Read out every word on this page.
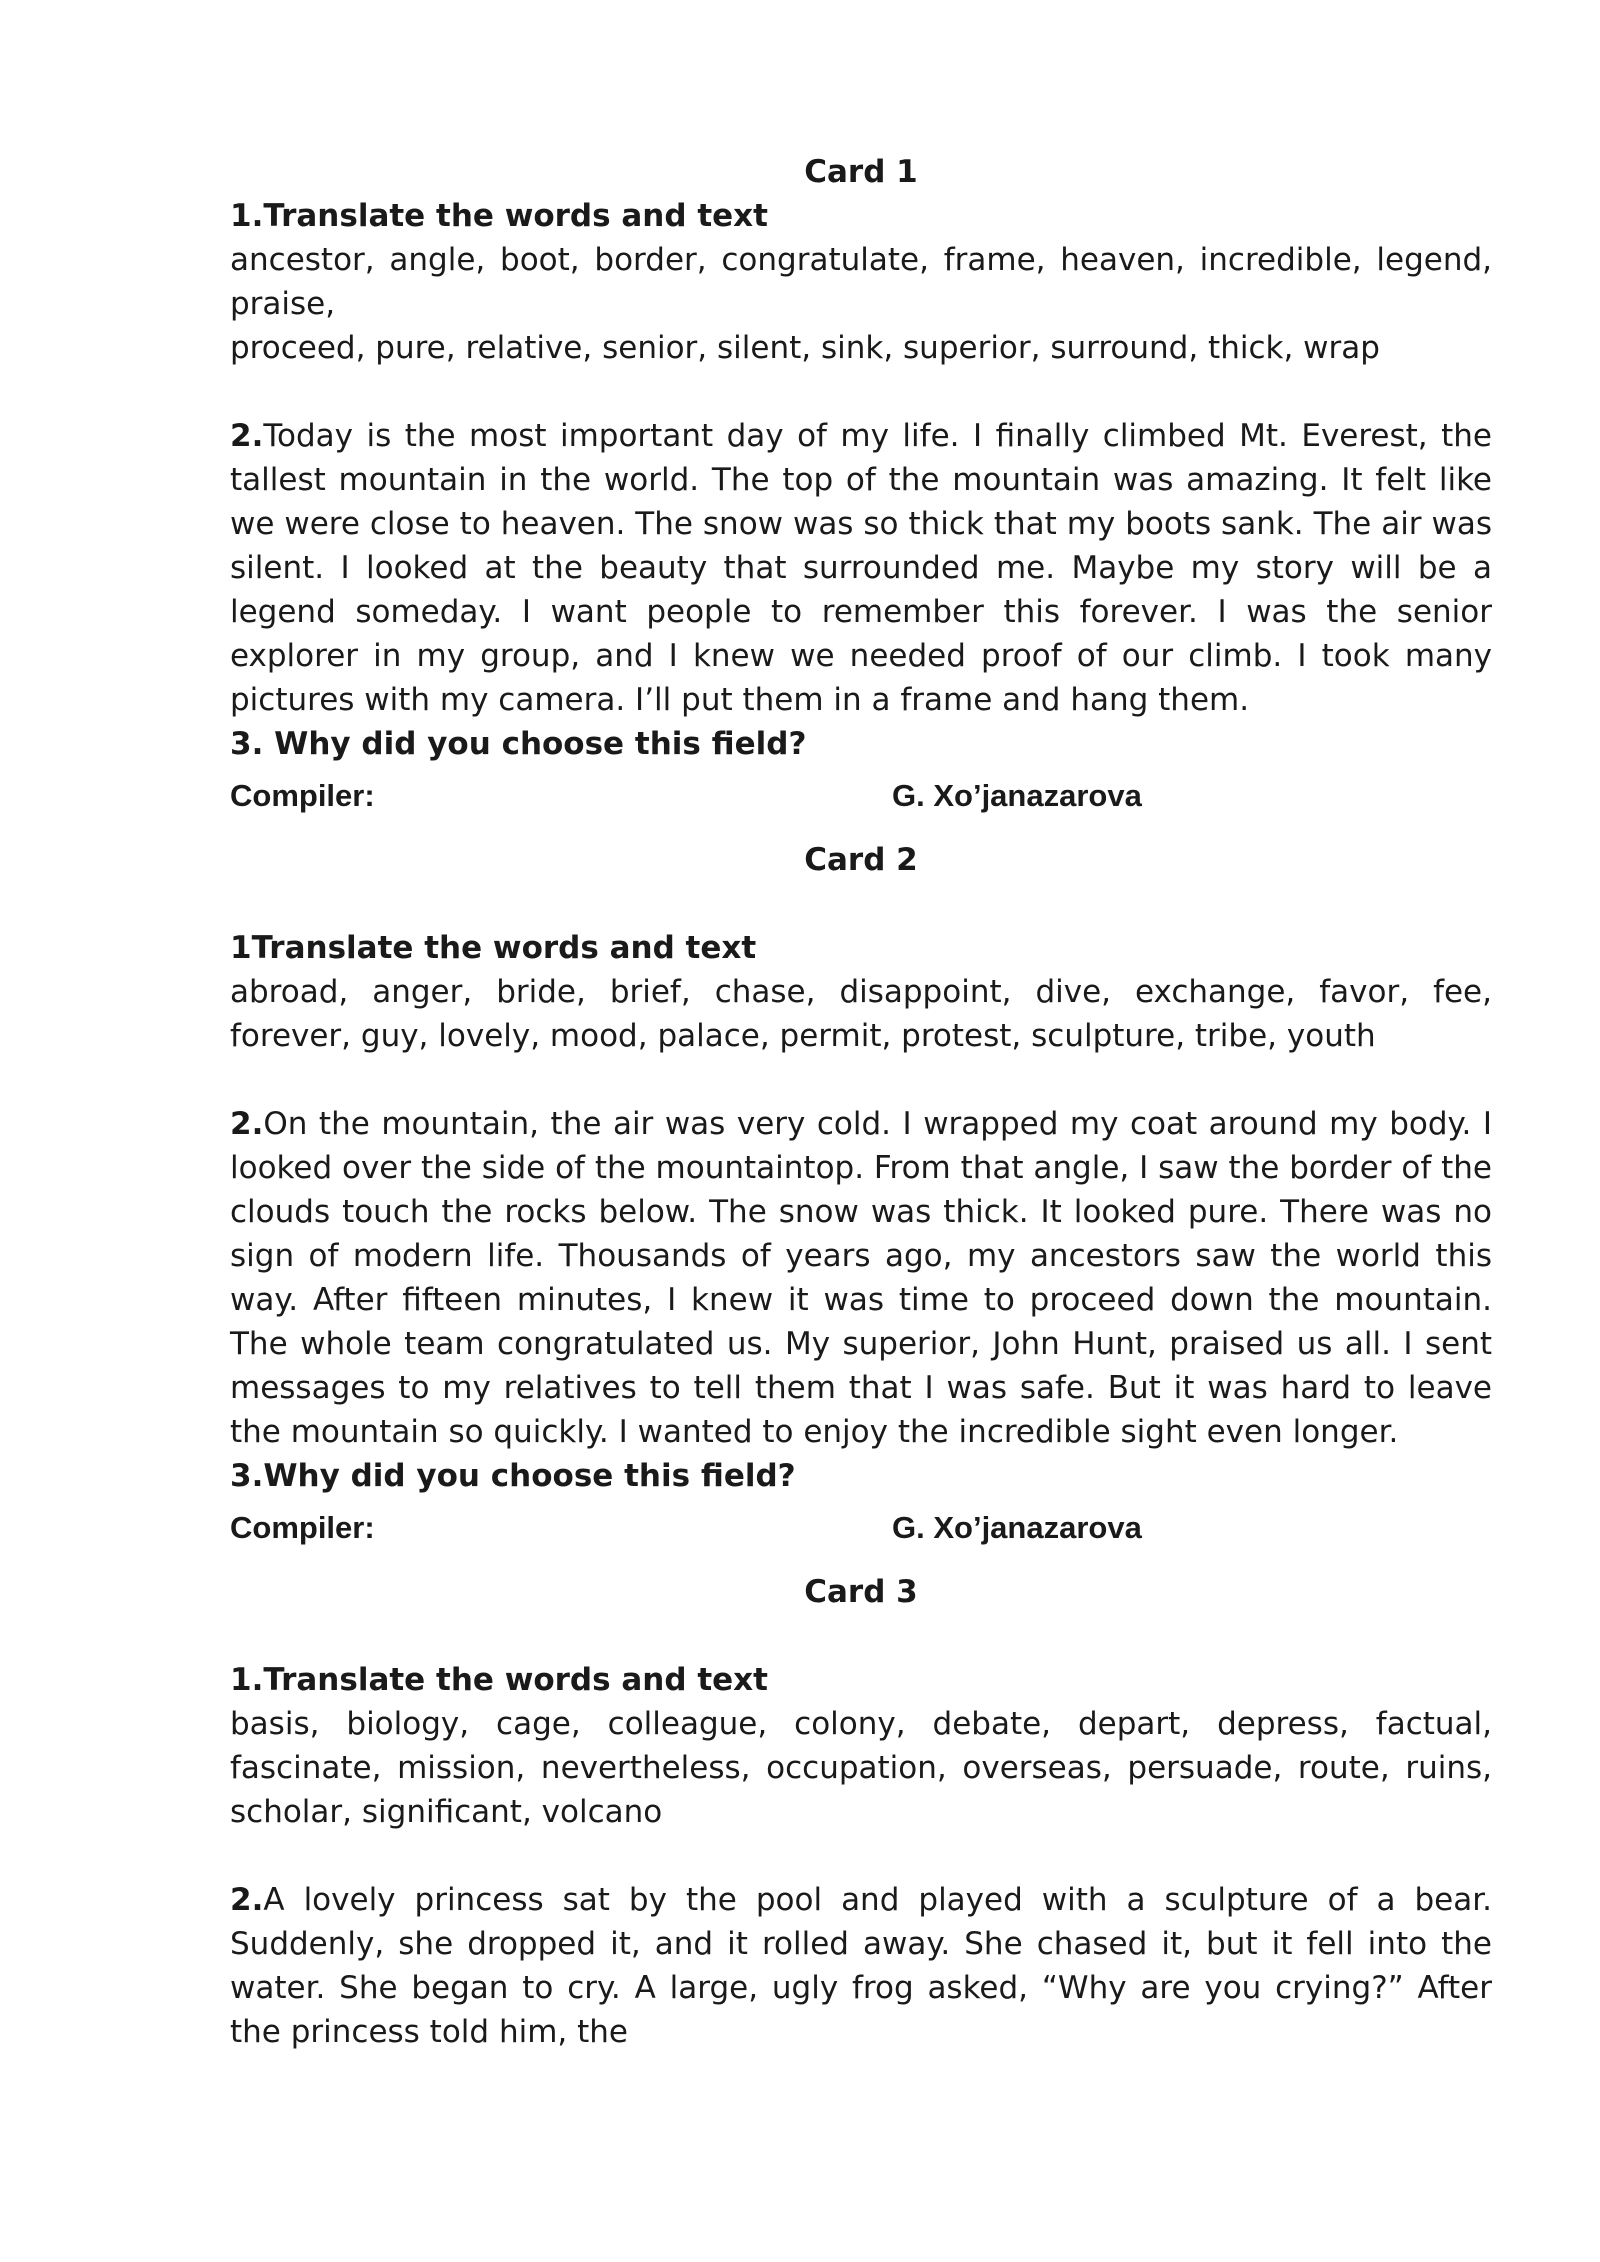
Card 1

1.Translate the words and text

ancestor, angle, boot, border, congratulate, frame, heaven, incredible, legend, praise,
proceed, pure, relative, senior, silent, sink, superior, surround, thick, wrap

2.Today is the most important day of my life. I finally climbed Mt. Everest, the tallest mountain in the world. The top of the mountain was amazing. It felt like we were close to heaven. The snow was so thick that my boots sank. The air was silent. I looked at the beauty that surrounded me. Maybe my story will be a legend someday. I want people to remember this forever. I was the senior explorer in my group, and I knew we needed proof of our climb. I took many pictures with my camera. I’ll put them in a frame and hang them.

3. Why did you choose this field?

Compiler:	G. Xo’janazarova

Card 2

1Translate the words and text

abroad, anger, bride, brief, chase, disappoint, dive, exchange, favor, fee, forever, guy, lovely, mood, palace, permit, protest, sculpture, tribe, youth

2.On the mountain, the air was very cold. I wrapped my coat around my body. I looked over the side of the mountaintop. From that angle, I saw the border of the clouds touch the rocks below. The snow was thick. It looked pure. There was no sign of modern life. Thousands of years ago, my ancestors saw the world this way. After fifteen minutes, I knew it was time to proceed down the mountain. The whole team congratulated us. My superior, John Hunt, praised us all. I sent messages to my relatives to tell them that I was safe. But it was hard to leave the mountain so quickly. I wanted to enjoy the incredible sight even longer.

3.Why did you choose this field?

Compiler:	G. Xo’janazarova

Card 3

1.Translate the words and text

basis, biology, cage, colleague, colony, debate, depart, depress, factual, fascinate, mission, nevertheless, occupation, overseas, persuade, route, ruins, scholar, significant, volcano

2.A lovely princess sat by the pool and played with a sculpture of a bear. Suddenly, she dropped it, and it rolled away. She chased it, but it fell into the water. She began to cry. A large, ugly frog asked, “Why are you crying?” After the princess told him, the
